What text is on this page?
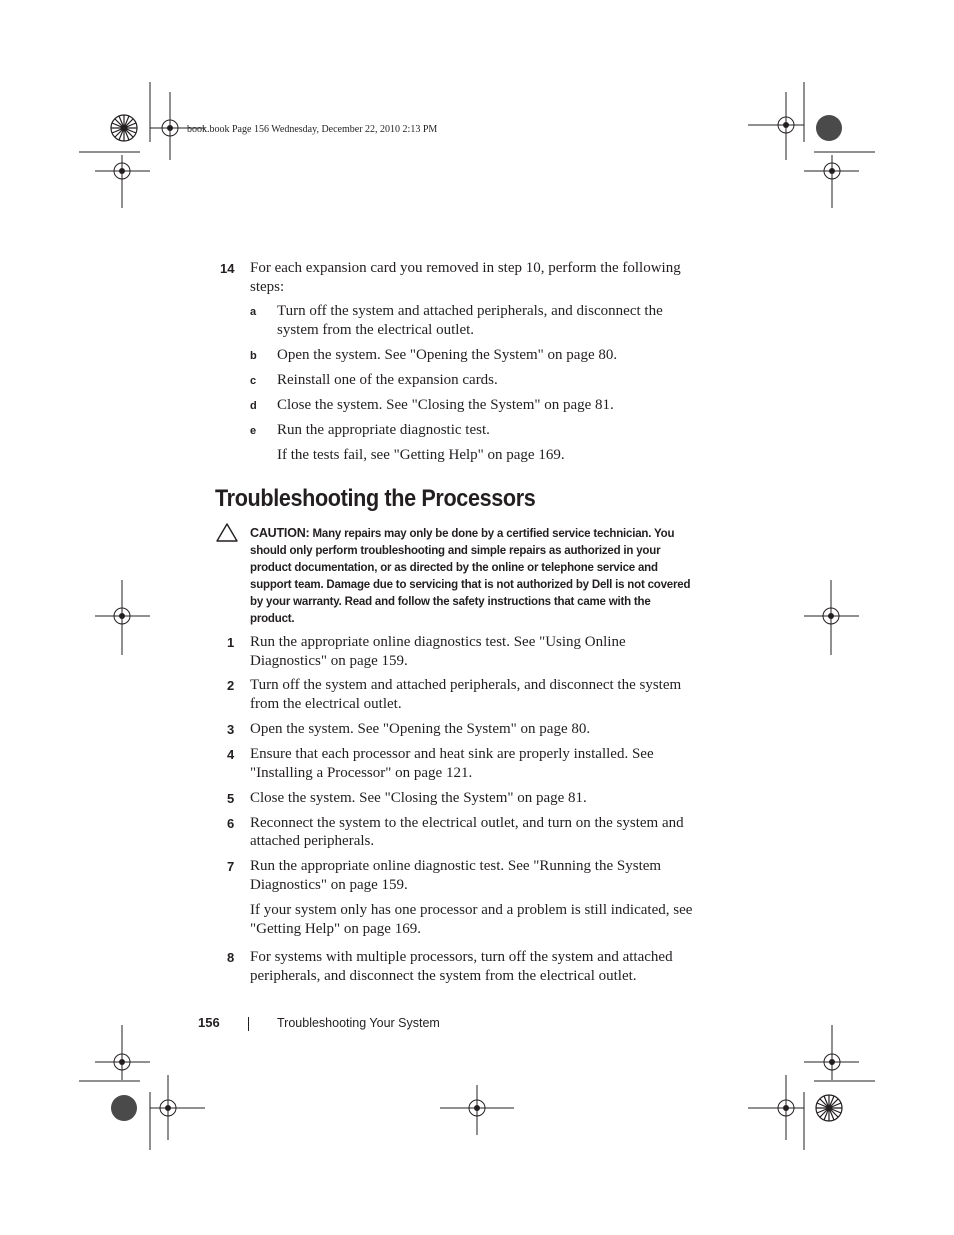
book.book Page 156 Wednesday, December 22, 2010 2:13 PM
14 For each expansion card you removed in step 10, perform the following
steps:
a Turn off the system and attached peripherals, and disconnect the
system from the electrical outlet.
b Open the system. See "Opening the System" on page 80.
c Reinstall one of the expansion cards.
d Close the system. See "Closing the System" on page 81.
e Run the appropriate diagnostic test.
If the tests fail, see "Getting Help" on page 169.
Troubleshooting the Processors
CAUTION: Many repairs may only be done by a certified service technician. You
should only perform troubleshooting and simple repairs as authorized in your
product documentation, or as directed by the online or telephone service and
support team. Damage due to servicing that is not authorized by Dell is not covered
by your warranty. Read and follow the safety instructions that came with the
product.
1 Run the appropriate online diagnostics test. See "Using Online
Diagnostics" on page 159.
2 Turn off the system and attached peripherals, and disconnect the system
from the electrical outlet.
3 Open the system. See "Opening the System" on page 80.
4 Ensure that each processor and heat sink are properly installed. See
"Installing a Processor" on page 121.
5 Close the system. See "Closing the System" on page 81.
6 Reconnect the system to the electrical outlet, and turn on the system and
attached peripherals.
7 Run the appropriate online diagnostic test. See "Running the System
Diagnostics" on page 159.
If your system only has one processor and a problem is still indicated, see
"Getting Help" on page 169.
8 For systems with multiple processors, turn off the system and attached
peripherals, and disconnect the system from the electrical outlet.
156	Troubleshooting Your System
